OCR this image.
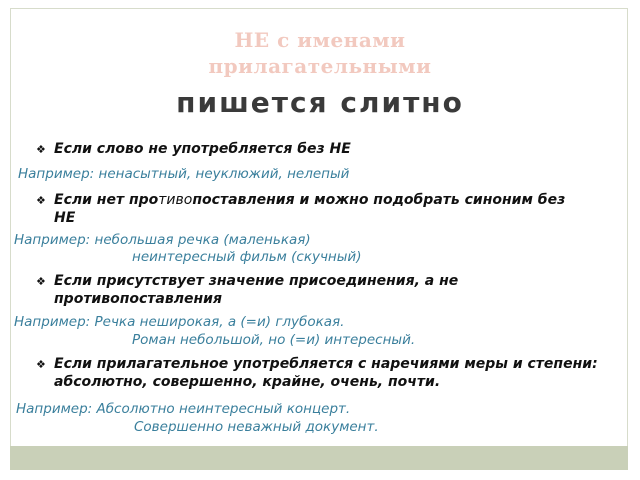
НЕ с именами
прилагательными
пишется слитно
❖ Если слово не употребляется без НЕ
Например: ненасытный, неуклюжий, нелепый
❖ Если нет противопоставления и можно подобрать синоним без НЕ
Например: небольшая речка (маленькая)
неинтересный фильм (скучный)
❖ Если присутствует значение присоединения, а не противопоставления
Например: Речка неширокая, а (=и) глубокая.
Роман небольшой, но (=и) интересный.
❖ Если прилагательное употребляется с наречиями меры и степени: абсолютно, совершенно, крайне, очень, почти.
Например: Абсолютно неинтересный концерт.
Совершенно неважный документ.
